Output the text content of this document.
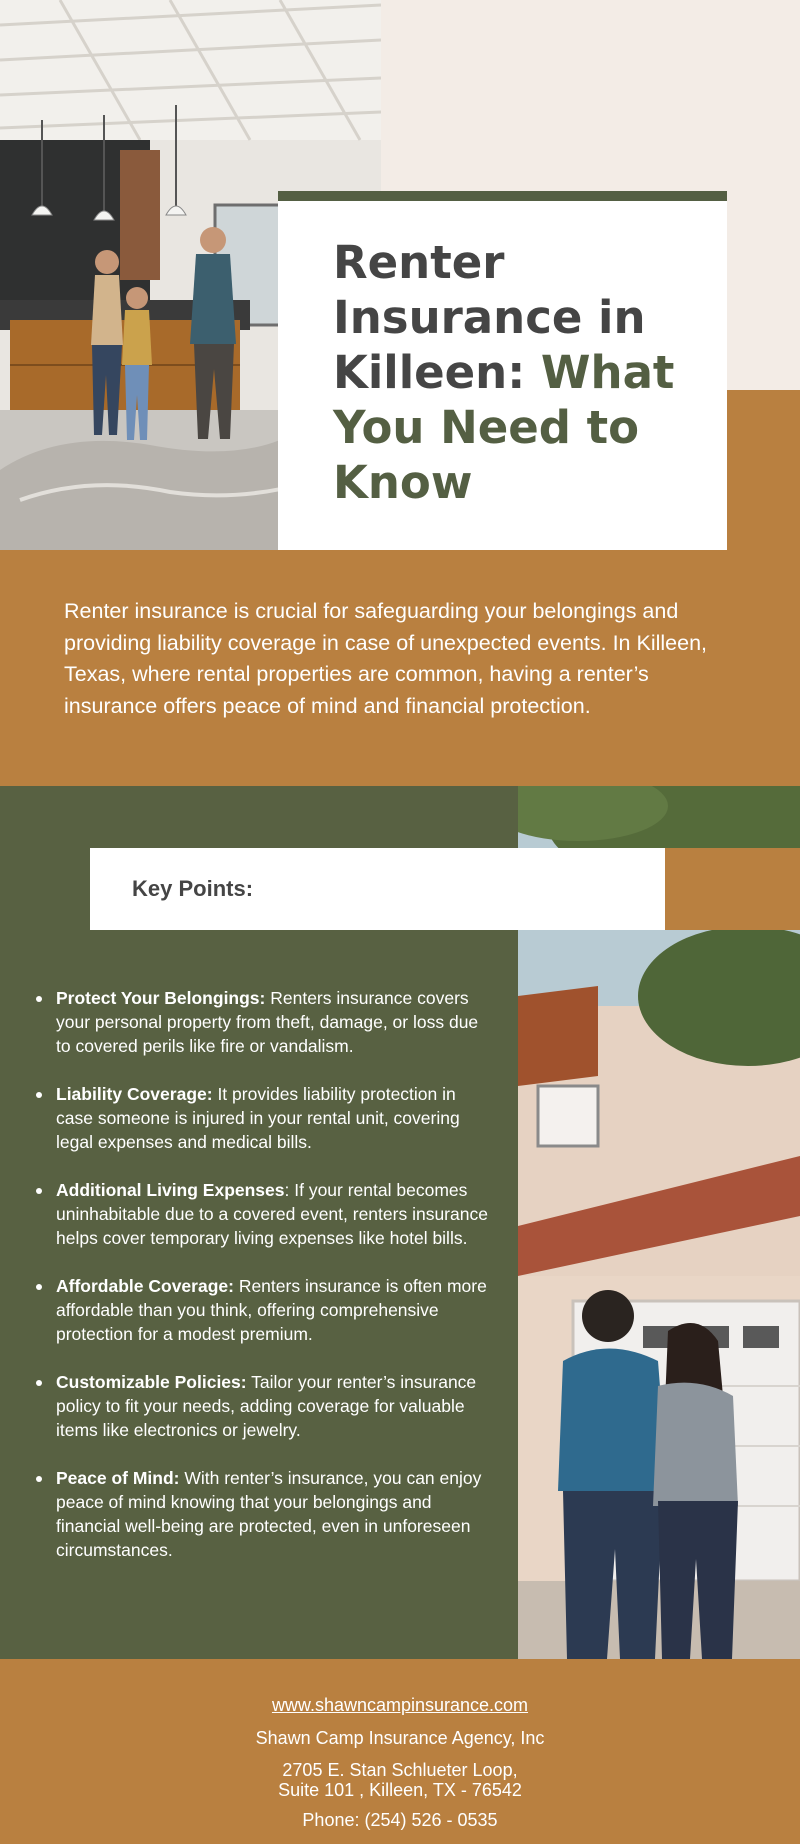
Renter Insurance in Killeen: What You Need to Know

Renter insurance is crucial for safeguarding your belongings and providing liability coverage in case of unexpected events. In Killeen, Texas, where rental properties are common, having a renter’s insurance offers peace of mind and financial protection.

Key Points:
Protect Your Belongings: Renters insurance covers your personal property from theft, damage, or loss due to covered perils like fire or vandalism.
Liability Coverage: It provides liability protection in case someone is injured in your rental unit, covering legal expenses and medical bills.
Additional Living Expenses: If your rental becomes uninhabitable due to a covered event, renters insurance helps cover temporary living expenses like hotel bills.
Affordable Coverage: Renters insurance is often more affordable than you think, offering comprehensive protection for a modest premium.
Customizable Policies: Tailor your renter’s insurance policy to fit your needs, adding coverage for valuable items like electronics or jewelry.
Peace of Mind: With renter’s insurance, you can enjoy peace of mind knowing that your belongings and financial well-being are protected, even in unforeseen circumstances.
www.shawncampinsurance.com
Shawn Camp Insurance Agency, Inc
2705 E. Stan Schlueter Loop,
Suite 101 , Killeen, TX - 76542
Phone: (254) 526 - 0535
